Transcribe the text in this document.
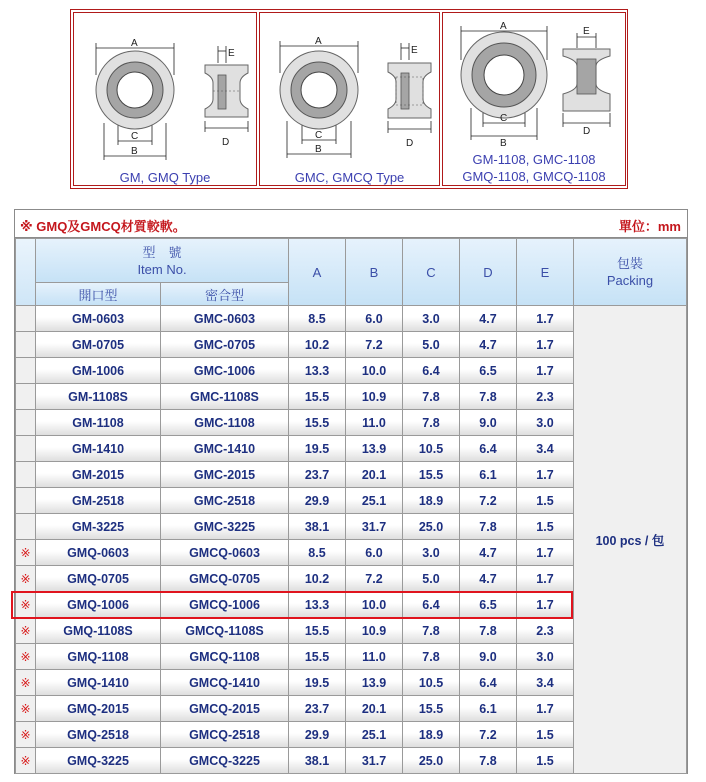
A
B
C
D
E
GM, GMQ Type
A
B
C
D
E
GMC, GMCQ Type
A
B
C
D
E
GM-1108, GMC-1108
GMQ-1108, GMCQ-1108
※ GMQ及GMCQ材質較軟。	單位：mm
型　號
Item No.
開口型	密合型
A	B	C	D	E
包裝
Packing
GM-0603	GMC-0603	8.5	6.0	3.0	4.7	1.7
GM-0705	GMC-0705	10.2	7.2	5.0	4.7	1.7
GM-1006	GMC-1006	13.3	10.0	6.4	6.5	1.7
GM-1108S	GMC-1108S	15.5	10.9	7.8	7.8	2.3
GM-1108	GMC-1108	15.5	11.0	7.8	9.0	3.0
GM-1410	GMC-1410	19.5	13.9	10.5	6.4	3.4
GM-2015	GMC-2015	23.7	20.1	15.5	6.1	1.7
GM-2518	GMC-2518	29.9	25.1	18.9	7.2	1.5
GM-3225	GMC-3225	38.1	31.7	25.0	7.8	1.5
※	GMQ-0603	GMCQ-0603	8.5	6.0	3.0	4.7	1.7
※	GMQ-0705	GMCQ-0705	10.2	7.2	5.0	4.7	1.7
※	GMQ-1006	GMCQ-1006	13.3	10.0	6.4	6.5	1.7
※	GMQ-1108S	GMCQ-1108S	15.5	10.9	7.8	7.8	2.3
※	GMQ-1108	GMCQ-1108	15.5	11.0	7.8	9.0	3.0
※	GMQ-1410	GMCQ-1410	19.5	13.9	10.5	6.4	3.4
※	GMQ-2015	GMCQ-2015	23.7	20.1	15.5	6.1	1.7
※	GMQ-2518	GMCQ-2518	29.9	25.1	18.9	7.2	1.5
※	GMQ-3225	GMCQ-3225	38.1	31.7	25.0	7.8	1.5
100 pcs / 包
